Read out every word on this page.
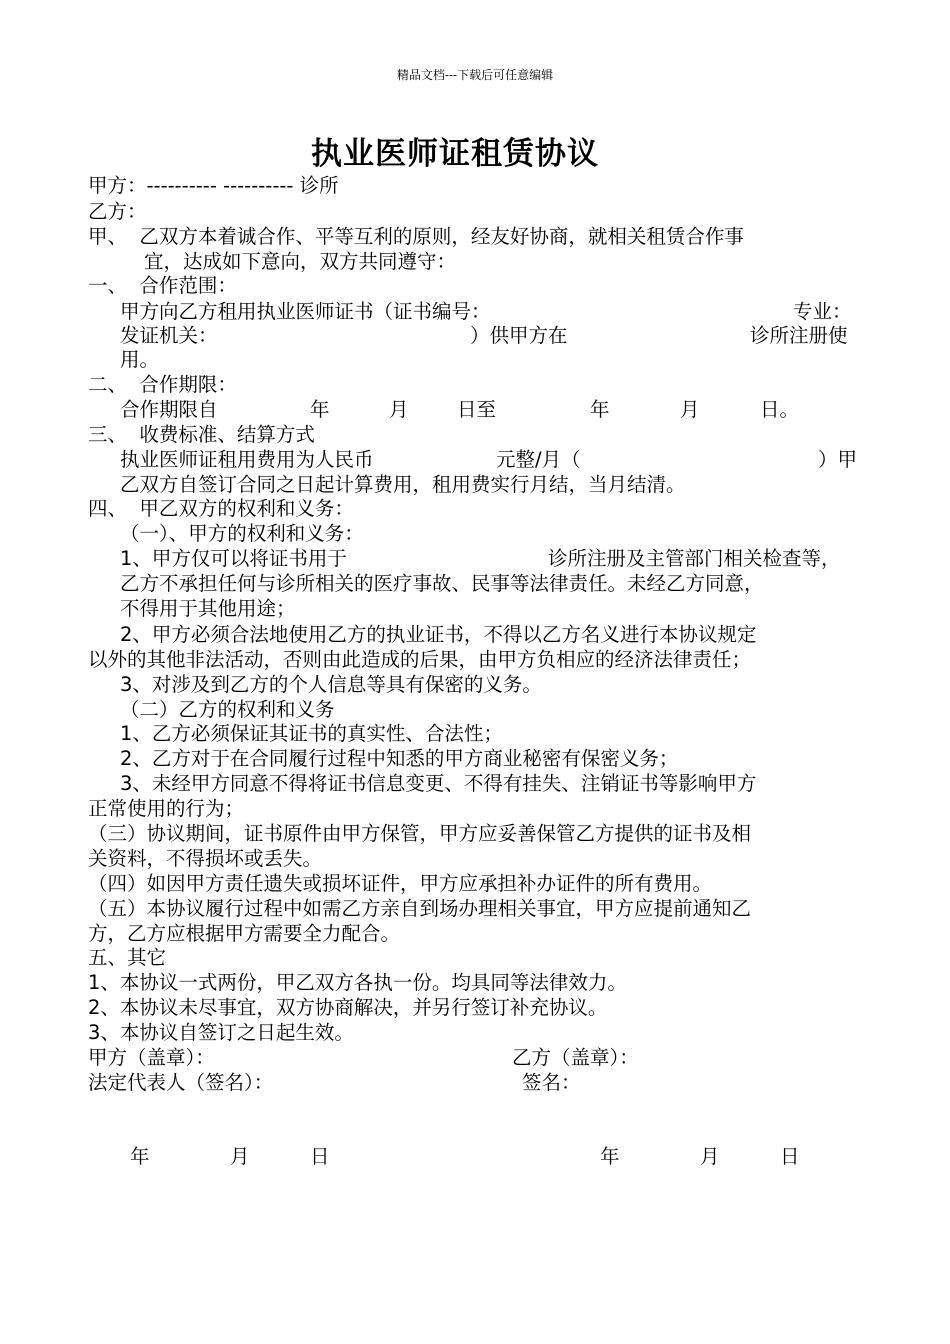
精品文档---下载后可任意编辑
执业医师证租赁协议
甲方：---------- ---------- 诊所
乙方：
甲、  乙双方本着诚合作、平等互利的原则，经友好协商，就相关租赁合作事
宜，达成如下意向，双方共同遵守：
一、  合作范围：
甲方向乙方租用执业医师证书（证书编号：	专业：
发证机关：	）供甲方在	诊所注册使
用。
二、  合作期限：
合作期限自	年	月 日至	年	月	日。
三、  收费标准、结算方式
执业医师证租用费用为人民币	元整/月（	）甲
乙双方自签订合同之日起计算费用，租用费实行月结，当月结清。
四、  甲乙双方的权利和义务：
（一）、甲方的权利和义务：
1、甲方仅可以将证书用于	诊所注册及主管部门相关检查等，
乙方不承担任何与诊所相关的医疗事故、民事等法律责任。未经乙方同意，
不得用于其他用途；
2、甲方必须合法地使用乙方的执业证书，不得以乙方名义进行本协议规定
以外的其他非法活动，否则由此造成的后果，由甲方负相应的经济法律责任；
3、对涉及到乙方的个人信息等具有保密的义务。
（二）乙方的权利和义务
1、乙方必须保证其证书的真实性、合法性；
2、乙方对于在合同履行过程中知悉的甲方商业秘密有保密义务；
3、未经甲方同意不得将证书信息变更、不得有挂失、注销证书等影响甲方
正常使用的行为；
（三）协议期间，证书原件由甲方保管，甲方应妥善保管乙方提供的证书及相
关资料，不得损坏或丢失。
（四）如因甲方责任遗失或损坏证件，甲方应承担补办证件的所有费用。
（五）本协议履行过程中如需乙方亲自到场办理相关事宜，甲方应提前通知乙
方，乙方应根据甲方需要全力配合。
五、其它
1、本协议一式两份，甲乙双方各执一份。均具同等法律效力。
2、本协议未尽事宜，双方协商解决，并另行签订补充协议。
3、本协议自签订之日起生效。
甲方（盖章）：	乙方（盖章）：
法定代表人（签名）：	签名：
年	月	日	年	月	日
